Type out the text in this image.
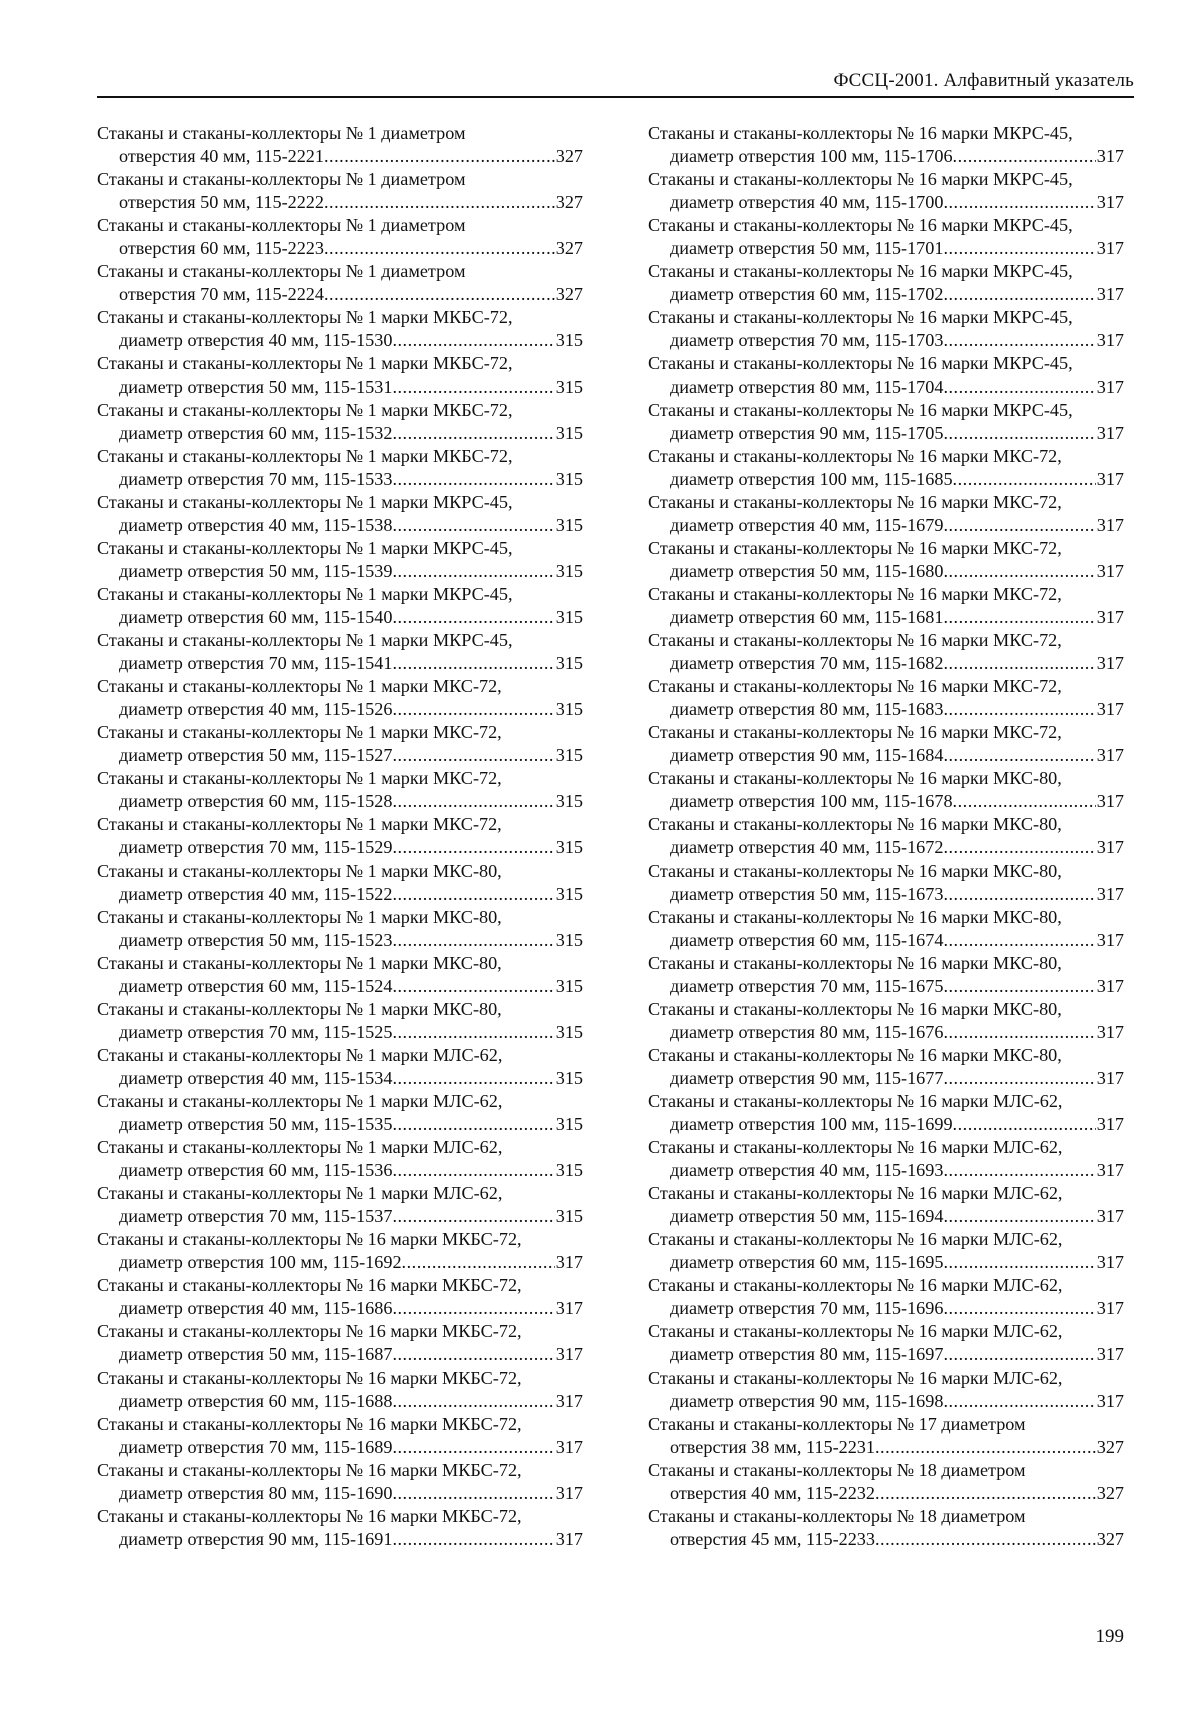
ФССЦ-2001. Алфавитный указатель
Стаканы и стаканы-коллекторы № 1 диаметром
отверстия 40 мм, 115-2221 .....	327
Стаканы и стаканы-коллекторы № 1 диаметром
отверстия 50 мм, 115-2222 .....	327
Стаканы и стаканы-коллекторы № 1 диаметром
отверстия 60 мм, 115-2223 .....	327
Стаканы и стаканы-коллекторы № 1 диаметром
отверстия 70 мм, 115-2224 .....	327
Стаканы и стаканы-коллекторы № 1 марки МКБС-72,
диаметр отверстия 40 мм, 115-1530 .....	315
Стаканы и стаканы-коллекторы № 1 марки МКБС-72,
диаметр отверстия 50 мм, 115-1531 .....	315
Стаканы и стаканы-коллекторы № 1 марки МКБС-72,
диаметр отверстия 60 мм, 115-1532 .....	315
Стаканы и стаканы-коллекторы № 1 марки МКБС-72,
диаметр отверстия 70 мм, 115-1533 .....	315
Стаканы и стаканы-коллекторы № 1 марки МКРС-45,
диаметр отверстия 40 мм, 115-1538 .....	315
Стаканы и стаканы-коллекторы № 1 марки МКРС-45,
диаметр отверстия 50 мм, 115-1539 .....	315
Стаканы и стаканы-коллекторы № 1 марки МКРС-45,
диаметр отверстия 60 мм, 115-1540 .....	315
Стаканы и стаканы-коллекторы № 1 марки МКРС-45,
диаметр отверстия 70 мм, 115-1541 .....	315
Стаканы и стаканы-коллекторы № 1 марки МКС-72,
диаметр отверстия 40 мм, 115-1526 .....	315
Стаканы и стаканы-коллекторы № 1 марки МКС-72,
диаметр отверстия 50 мм, 115-1527 .....	315
Стаканы и стаканы-коллекторы № 1 марки МКС-72,
диаметр отверстия 60 мм, 115-1528 .....	315
Стаканы и стаканы-коллекторы № 1 марки МКС-72,
диаметр отверстия 70 мм, 115-1529 .....	315
Стаканы и стаканы-коллекторы № 1 марки МКС-80,
диаметр отверстия 40 мм, 115-1522 .....	315
Стаканы и стаканы-коллекторы № 1 марки МКС-80,
диаметр отверстия 50 мм, 115-1523 .....	315
Стаканы и стаканы-коллекторы № 1 марки МКС-80,
диаметр отверстия 60 мм, 115-1524 .....	315
Стаканы и стаканы-коллекторы № 1 марки МКС-80,
диаметр отверстия 70 мм, 115-1525 .....	315
Стаканы и стаканы-коллекторы № 1 марки МЛС-62,
диаметр отверстия 40 мм, 115-1534 .....	315
Стаканы и стаканы-коллекторы № 1 марки МЛС-62,
диаметр отверстия 50 мм, 115-1535 .....	315
Стаканы и стаканы-коллекторы № 1 марки МЛС-62,
диаметр отверстия 60 мм, 115-1536 .....	315
Стаканы и стаканы-коллекторы № 1 марки МЛС-62,
диаметр отверстия 70 мм, 115-1537 .....	315
Стаканы и стаканы-коллекторы № 16 марки МКБС-72,
диаметр отверстия 100 мм, 115-1692 .....	317
Стаканы и стаканы-коллекторы № 16 марки МКБС-72,
диаметр отверстия 40 мм, 115-1686 .....	317
Стаканы и стаканы-коллекторы № 16 марки МКБС-72,
диаметр отверстия 50 мм, 115-1687 .....	317
Стаканы и стаканы-коллекторы № 16 марки МКБС-72,
диаметр отверстия 60 мм, 115-1688 .....	317
Стаканы и стаканы-коллекторы № 16 марки МКБС-72,
диаметр отверстия 70 мм, 115-1689 .....	317
Стаканы и стаканы-коллекторы № 16 марки МКБС-72,
диаметр отверстия 80 мм, 115-1690 .....	317
Стаканы и стаканы-коллекторы № 16 марки МКБС-72,
диаметр отверстия 90 мм, 115-1691 .....	317
Стаканы и стаканы-коллекторы № 16 марки МКРС-45,
диаметр отверстия 100 мм, 115-1706 .....	317
Стаканы и стаканы-коллекторы № 16 марки МКРС-45,
диаметр отверстия 40 мм, 115-1700 .....	317
Стаканы и стаканы-коллекторы № 16 марки МКРС-45,
диаметр отверстия 50 мм, 115-1701 .....	317
Стаканы и стаканы-коллекторы № 16 марки МКРС-45,
диаметр отверстия 60 мм, 115-1702 .....	317
Стаканы и стаканы-коллекторы № 16 марки МКРС-45,
диаметр отверстия 70 мм, 115-1703 .....	317
Стаканы и стаканы-коллекторы № 16 марки МКРС-45,
диаметр отверстия 80 мм, 115-1704 .....	317
Стаканы и стаканы-коллекторы № 16 марки МКРС-45,
диаметр отверстия 90 мм, 115-1705 .....	317
Стаканы и стаканы-коллекторы № 16 марки МКС-72,
диаметр отверстия 100 мм, 115-1685 .....	317
Стаканы и стаканы-коллекторы № 16 марки МКС-72,
диаметр отверстия 40 мм, 115-1679 .....	317
Стаканы и стаканы-коллекторы № 16 марки МКС-72,
диаметр отверстия 50 мм, 115-1680 .....	317
Стаканы и стаканы-коллекторы № 16 марки МКС-72,
диаметр отверстия 60 мм, 115-1681 .....	317
Стаканы и стаканы-коллекторы № 16 марки МКС-72,
диаметр отверстия 70 мм, 115-1682 .....	317
Стаканы и стаканы-коллекторы № 16 марки МКС-72,
диаметр отверстия 80 мм, 115-1683 .....	317
Стаканы и стаканы-коллекторы № 16 марки МКС-72,
диаметр отверстия 90 мм, 115-1684 .....	317
Стаканы и стаканы-коллекторы № 16 марки МКС-80,
диаметр отверстия 100 мм, 115-1678 .....	317
Стаканы и стаканы-коллекторы № 16 марки МКС-80,
диаметр отверстия 40 мм, 115-1672 .....	317
Стаканы и стаканы-коллекторы № 16 марки МКС-80,
диаметр отверстия 50 мм, 115-1673 .....	317
Стаканы и стаканы-коллекторы № 16 марки МКС-80,
диаметр отверстия 60 мм, 115-1674 .....	317
Стаканы и стаканы-коллекторы № 16 марки МКС-80,
диаметр отверстия 70 мм, 115-1675 .....	317
Стаканы и стаканы-коллекторы № 16 марки МКС-80,
диаметр отверстия 80 мм, 115-1676 .....	317
Стаканы и стаканы-коллекторы № 16 марки МКС-80,
диаметр отверстия 90 мм, 115-1677 .....	317
Стаканы и стаканы-коллекторы № 16 марки МЛС-62,
диаметр отверстия 100 мм, 115-1699 .....	317
Стаканы и стаканы-коллекторы № 16 марки МЛС-62,
диаметр отверстия 40 мм, 115-1693 .....	317
Стаканы и стаканы-коллекторы № 16 марки МЛС-62,
диаметр отверстия 50 мм, 115-1694 .....	317
Стаканы и стаканы-коллекторы № 16 марки МЛС-62,
диаметр отверстия 60 мм, 115-1695 .....	317
Стаканы и стаканы-коллекторы № 16 марки МЛС-62,
диаметр отверстия 70 мм, 115-1696 .....	317
Стаканы и стаканы-коллекторы № 16 марки МЛС-62,
диаметр отверстия 80 мм, 115-1697 .....	317
Стаканы и стаканы-коллекторы № 16 марки МЛС-62,
диаметр отверстия 90 мм, 115-1698 .....	317
Стаканы и стаканы-коллекторы № 17 диаметром
отверстия 38 мм, 115-2231 .....	327
Стаканы и стаканы-коллекторы № 18 диаметром
отверстия 40 мм, 115-2232 .....	327
Стаканы и стаканы-коллекторы № 18 диаметром
отверстия 45 мм, 115-2233 .....	327
199
